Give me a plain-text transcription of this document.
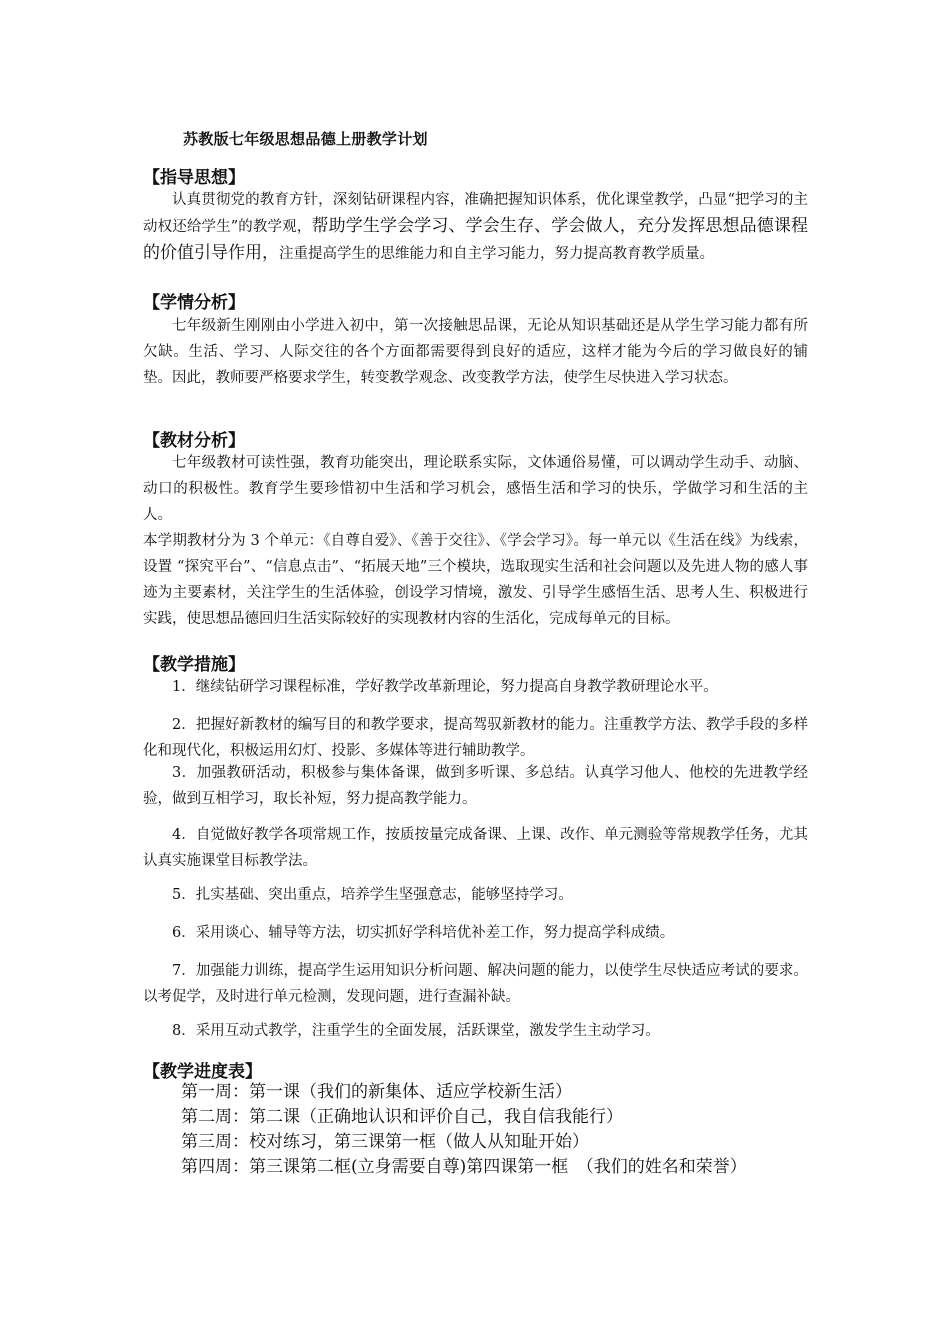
苏教版七年级思想品德上册教学计划
【指导思想】
认真贯彻党的教育方针，深刻钻研课程内容，准确把握知识体系，优化课堂教学，凸显“把学习的主动权还给学生”的教学观，帮助学生学会学习、学会生存、学会做人，充分发挥思想品德课程的价值引导作用，注重提高学生的思维能力和自主学习能力，努力提高教育教学质量。
【学情分析】
七年级新生刚刚由小学进入初中，第一次接触思品课，无论从知识基础还是从学生学习能力都有所欠缺。生活、学习、人际交往的各个方面都需要得到良好的适应，这样才能为今后的学习做良好的铺垫。因此，教师要严格要求学生，转变教学观念、改变教学方法，使学生尽快进入学习状态。
【教材分析】
七年级教材可读性强，教育功能突出，理论联系实际，文体通俗易懂，可以调动学生动手、动脑、动口的积极性。教育学生要珍惜初中生活和学习机会，感悟生活和学习的快乐，学做学习和生活的主人。
本学期教材分为 3 个单元：《自尊自爱》、《善于交往》、《学会学习》。每一单元以《生活在线》为线索，设置 “探究平台”、“信息点击”、“拓展天地”三个模块，选取现实生活和社会问题以及先进人物的感人事迹为主要素材，关注学生的生活体验，创设学习情境，激发、引导学生感悟生活、思考人生、积极进行实践，使思想品德回归生活实际较好的实现教材内容的生活化，完成每单元的目标。
【教学措施】
1．继续钻研学习课程标准，学好教学改革新理论，努力提高自身教学教研理论水平。
2．把握好新教材的编写目的和教学要求，提高驾驭新教材的能力。注重教学方法、教学手段的多样化和现代化，积极运用幻灯、投影、多媒体等进行辅助教学。
3．加强教研活动，积极参与集体备课，做到多听课、多总结。认真学习他人、他校的先进教学经验，做到互相学习，取长补短，努力提高教学能力。
4．自觉做好教学各项常规工作，按质按量完成备课、上课、改作、单元测验等常规教学任务，尤其认真实施课堂目标教学法。
5．扎实基础、突出重点，培养学生坚强意志，能够坚持学习。
6．采用谈心、辅导等方法，切实抓好学科培优补差工作，努力提高学科成绩。
7．加强能力训练，提高学生运用知识分析问题、解决问题的能力，以使学生尽快适应考试的要求。以考促学，及时进行单元检测，发现问题，进行查漏补缺。
8．采用互动式教学，注重学生的全面发展，活跃课堂，激发学生主动学习。
【教学进度表】
第一周：第一课（我们的新集体、适应学校新生活）
第二周：第二课（正确地认识和评价自己，我自信我能行）
第三周：校对练习，第三课第一框（做人从知耻开始）
第四周：第三课第二框(立身需要自尊)第四课第一框　（我们的姓名和荣誉）
